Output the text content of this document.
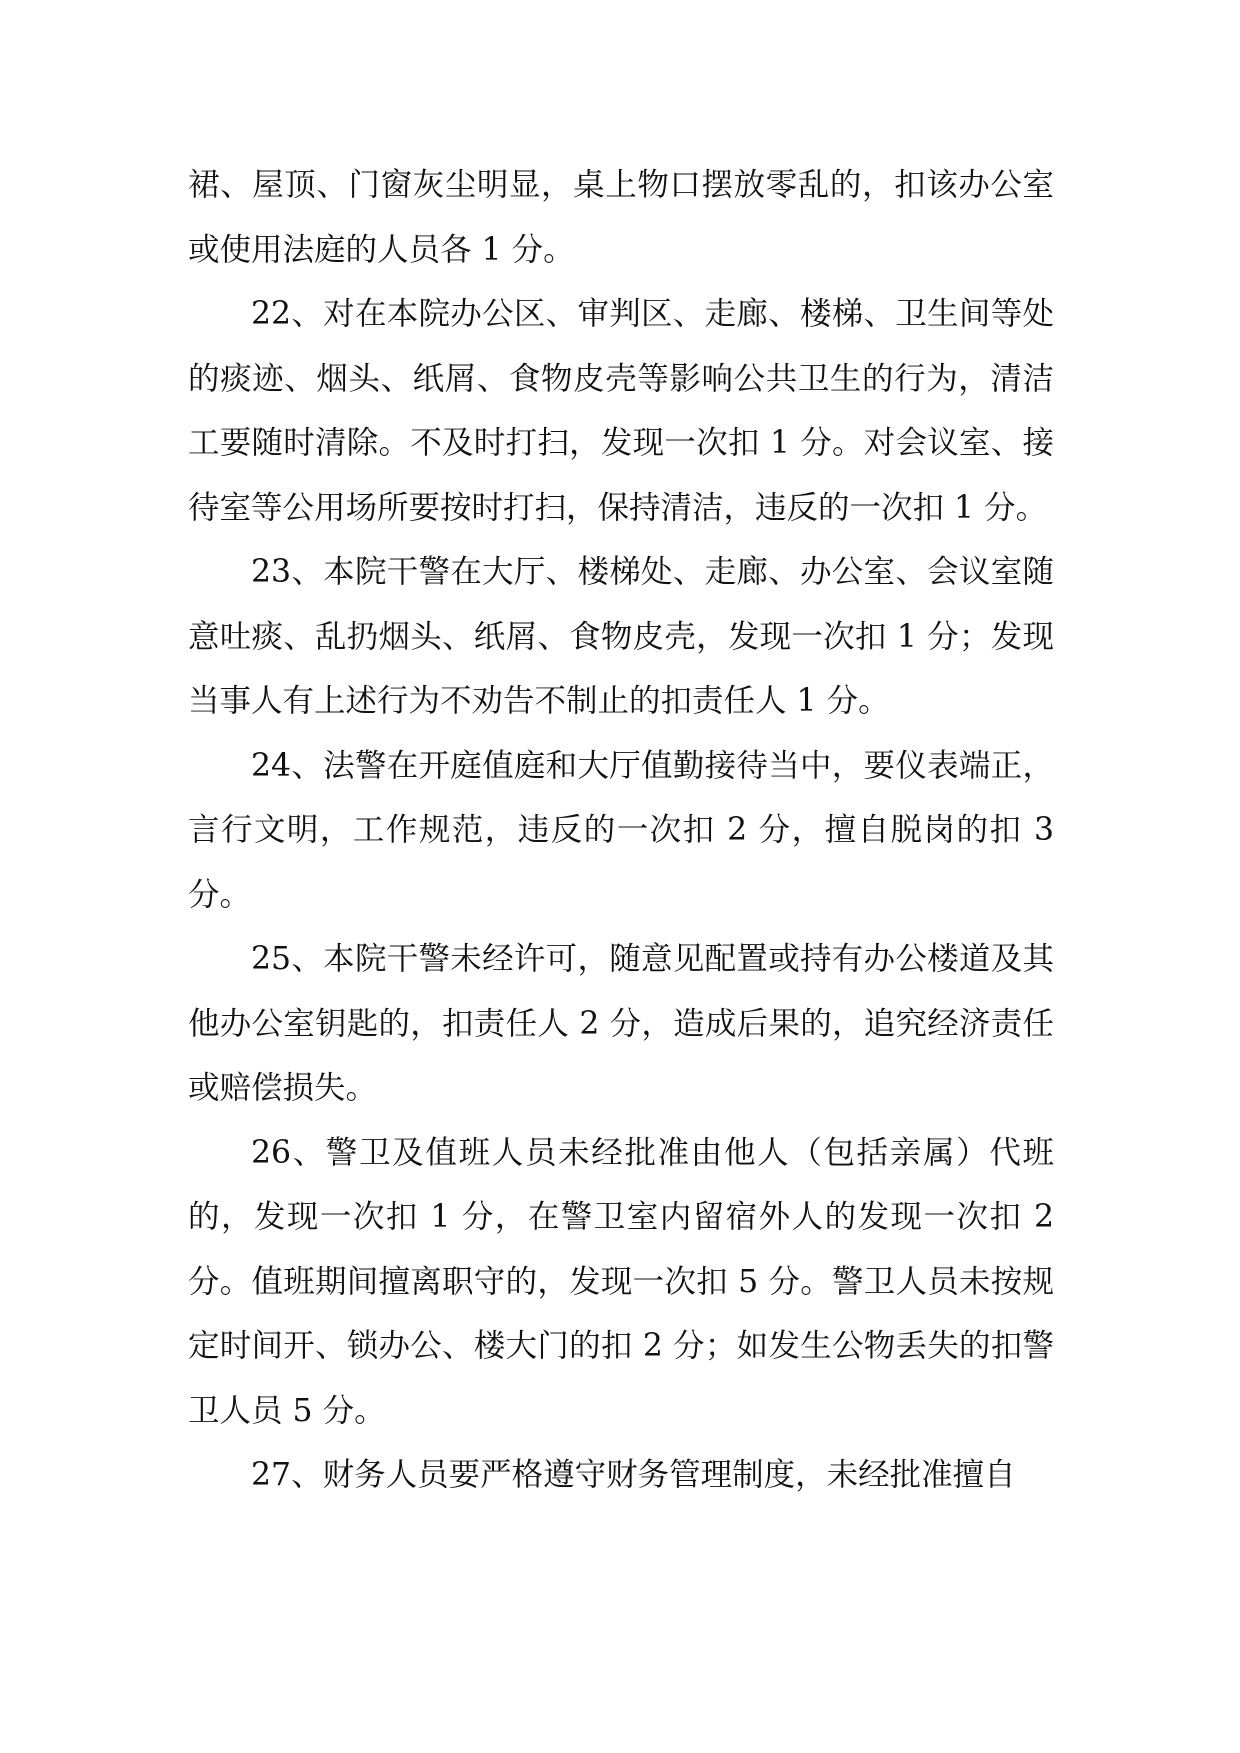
裙、屋顶、门窗灰尘明显，桌上物口摆放零乱的，扣该办公室或使用法庭的人员各 1 分。

22、对在本院办公区、审判区、走廊、楼梯、卫生间等处的痰迹、烟头、纸屑、食物皮壳等影响公共卫生的行为，清洁工要随时清除。不及时打扫，发现一次扣 1 分。对会议室、接待室等公用场所要按时打扫，保持清洁，违反的一次扣 1 分。

23、本院干警在大厅、楼梯处、走廊、办公室、会议室随意吐痰、乱扔烟头、纸屑、食物皮壳，发现一次扣 1 分；发现当事人有上述行为不劝告不制止的扣责任人 1 分。

24、法警在开庭值庭和大厅值勤接待当中，要仪表端正，言行文明，工作规范，违反的一次扣 2 分，擅自脱岗的扣 3 分。

25、本院干警未经许可，随意见配置或持有办公楼道及其他办公室钥匙的，扣责任人 2 分，造成后果的，追究经济责任或赔偿损失。

26、警卫及值班人员未经批准由他人（包括亲属）代班的，发现一次扣 1 分，在警卫室内留宿外人的发现一次扣 2 分。值班期间擅离职守的，发现一次扣 5 分。警卫人员未按规定时间开、锁办公、楼大门的扣 2 分；如发生公物丢失的扣警卫人员 5 分。

27、财务人员要严格遵守财务管理制度，未经批准擅自
